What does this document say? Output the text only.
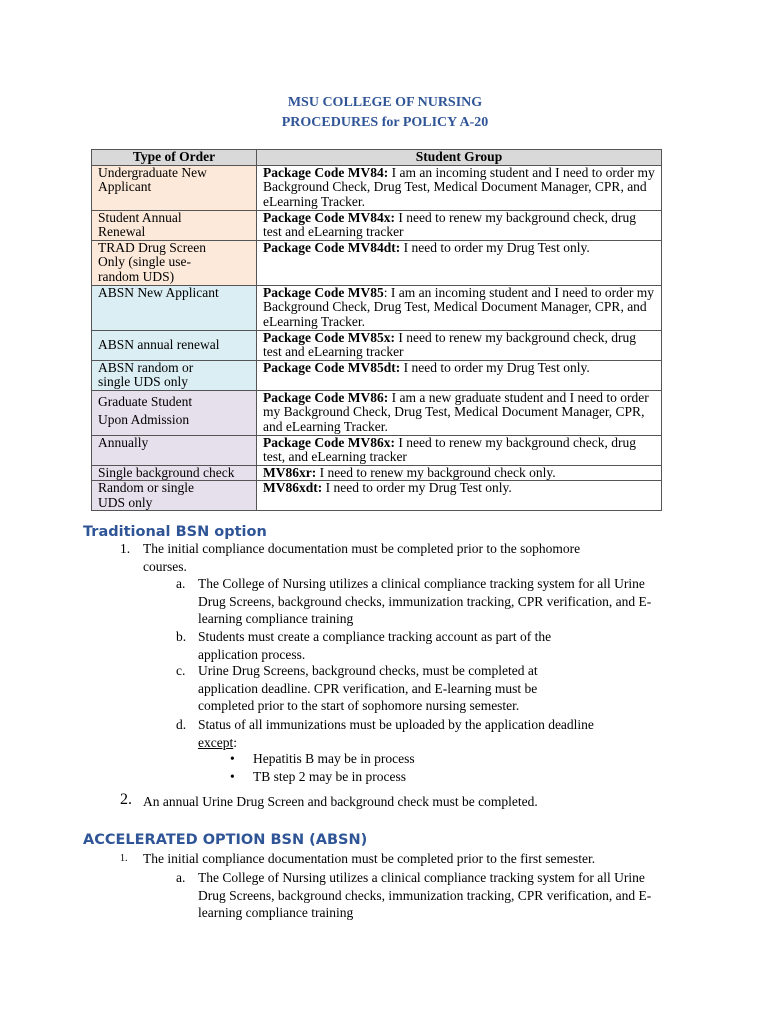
MSU COLLEGE OF NURSING
PROCEDURES for POLICY A-20
Type of Order	Student Group

Undergraduate New Applicant	Package Code MV84: I am an incoming student and I need to order my Background Check, Drug Test, Medical Document Manager, CPR, and eLearning Tracker.

Student Annual Renewal	Package Code MV84x: I need to renew my background check, drug test and eLearning tracker

TRAD Drug Screen Only (single use-random UDS)	Package Code MV84dt: I need to order my Drug Test only.

ABSN New Applicant	Package Code MV85: I am an incoming student and I need to order my Background Check, Drug Test, Medical Document Manager, CPR, and eLearning Tracker.

ABSN annual renewal	Package Code MV85x: I need to renew my background check, drug test and eLearning tracker

ABSN random or single UDS only	Package Code MV85dt: I need to order my Drug Test only.

Graduate Student Upon Admission	Package Code MV86: I am a new graduate student and I need to order my Background Check, Drug Test, Medical Document Manager, CPR, and eLearning Tracker.

Annually	Package Code MV86x: I need to renew my background check, drug test, and eLearning tracker

Single background check	MV86xr: I need to renew my background check only.

Random or single UDS only	MV86xdt: I need to order my Drug Test only.
Traditional BSN option
1. The initial compliance documentation must be completed prior to the sophomore courses.
a. The College of Nursing utilizes a clinical compliance tracking system for all Urine Drug Screens, background checks, immunization tracking, CPR verification, and E-learning compliance training
b. Students must create a compliance tracking account as part of the application process.
c. Urine Drug Screens, background checks, must be completed at application deadline. CPR verification, and E-learning must be completed prior to the start of sophomore nursing semester.
d. Status of all immunizations must be uploaded by the application deadline except:
• Hepatitis B may be in process
• TB step 2 may be in process
2. An annual Urine Drug Screen and background check must be completed.
ACCELERATED OPTION BSN (ABSN)
1. The initial compliance documentation must be completed prior to the first semester.
a. The College of Nursing utilizes a clinical compliance tracking system for all Urine Drug Screens, background checks, immunization tracking, CPR verification, and E-learning compliance training
